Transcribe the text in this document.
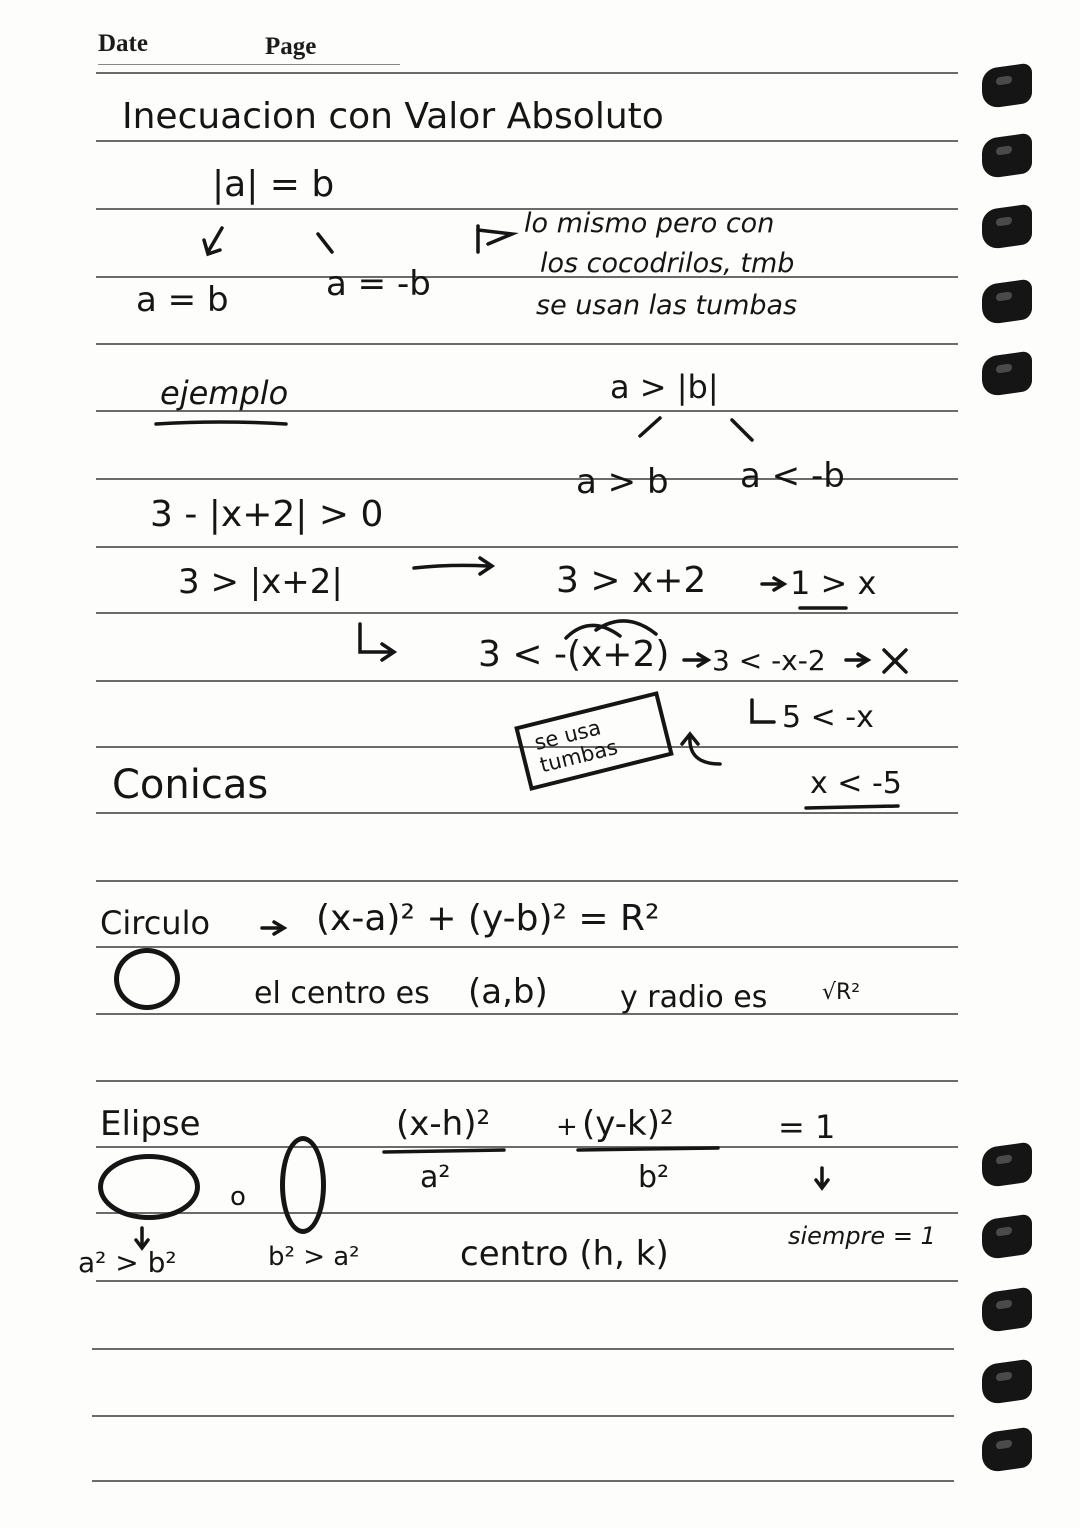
Date	Page
Inecuacion con Valor Absoluto
|a| = b
a = b	a = -b
lo mismo pero con
los cocodrilos, tmb
se usan las tumbas
ejemplo	a > |b|
a > b a < -b
3 - |x+2| > 0
3 > |x+2|	3 > x+2	1 > x
3 < -(x+2) 3 < -x-2
5 < -x
x < -5
se usa tumbas
Conicas
Circulo	(x-a)² + (y-b)² = R²
el centro es (a,b) y radio es √R²
Elipse
o
(x-h)²
a²
+ (y-k)²
b²
= 1
siempre = 1
a² > b²	b² > a²	centro (h, k)
